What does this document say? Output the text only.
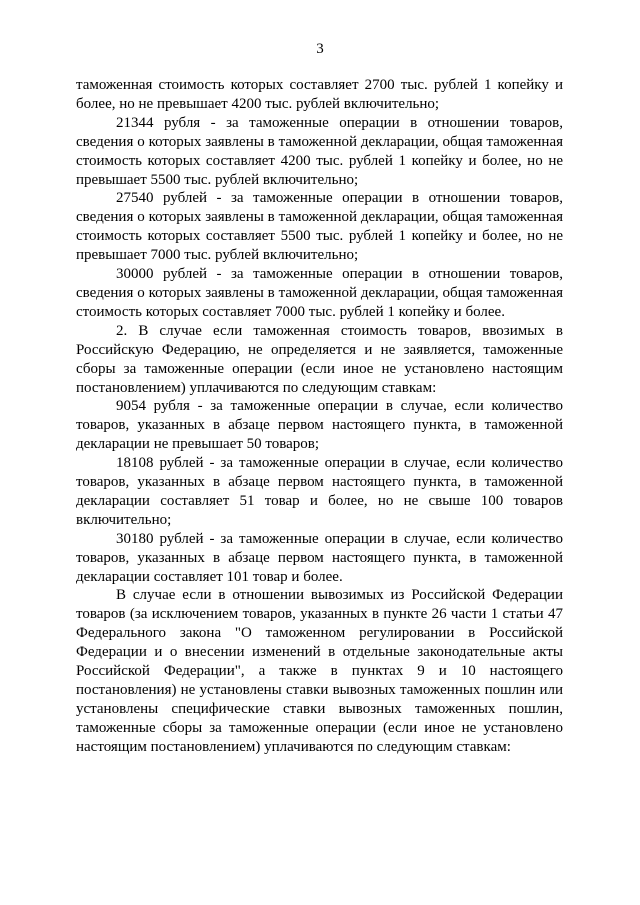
3

таможенная стоимость которых составляет 2700 тыс. рублей 1 копейку и более, но не превышает 4200 тыс. рублей включительно;

21344 рубля - за таможенные операции в отношении товаров, сведения о которых заявлены в таможенной декларации, общая таможенная стоимость которых составляет 4200 тыс. рублей 1 копейку и более, но не превышает 5500 тыс. рублей включительно;

27540 рублей - за таможенные операции в отношении товаров, сведения о которых заявлены в таможенной декларации, общая таможенная стоимость которых составляет 5500 тыс. рублей 1 копейку и более, но не превышает 7000 тыс. рублей включительно;

30000 рублей - за таможенные операции в отношении товаров, сведения о которых заявлены в таможенной декларации, общая таможенная стоимость которых составляет 7000 тыс. рублей 1 копейку и более.

2. В случае если таможенная стоимость товаров, ввозимых в Российскую Федерацию, не определяется и не заявляется, таможенные сборы за таможенные операции (если иное не установлено настоящим постановлением) уплачиваются по следующим ставкам:

9054 рубля - за таможенные операции в случае, если количество товаров, указанных в абзаце первом настоящего пункта, в таможенной декларации не превышает 50 товаров;

18108 рублей - за таможенные операции в случае, если количество товаров, указанных в абзаце первом настоящего пункта, в таможенной декларации составляет 51 товар и более, но не свыше 100 товаров включительно;

30180 рублей - за таможенные операции в случае, если количество товаров, указанных в абзаце первом настоящего пункта, в таможенной декларации составляет 101 товар и более.

В случае если в отношении вывозимых из Российской Федерации товаров (за исключением товаров, указанных в пункте 26 части 1 статьи 47 Федерального закона "О таможенном регулировании в Российской Федерации и о внесении изменений в отдельные законодательные акты Российской Федерации", а также в пунктах 9 и 10 настоящего постановления) не установлены ставки вывозных таможенных пошлин или установлены специфические ставки вывозных таможенных пошлин, таможенные сборы за таможенные операции (если иное не установлено настоящим постановлением) уплачиваются по следующим ставкам:
